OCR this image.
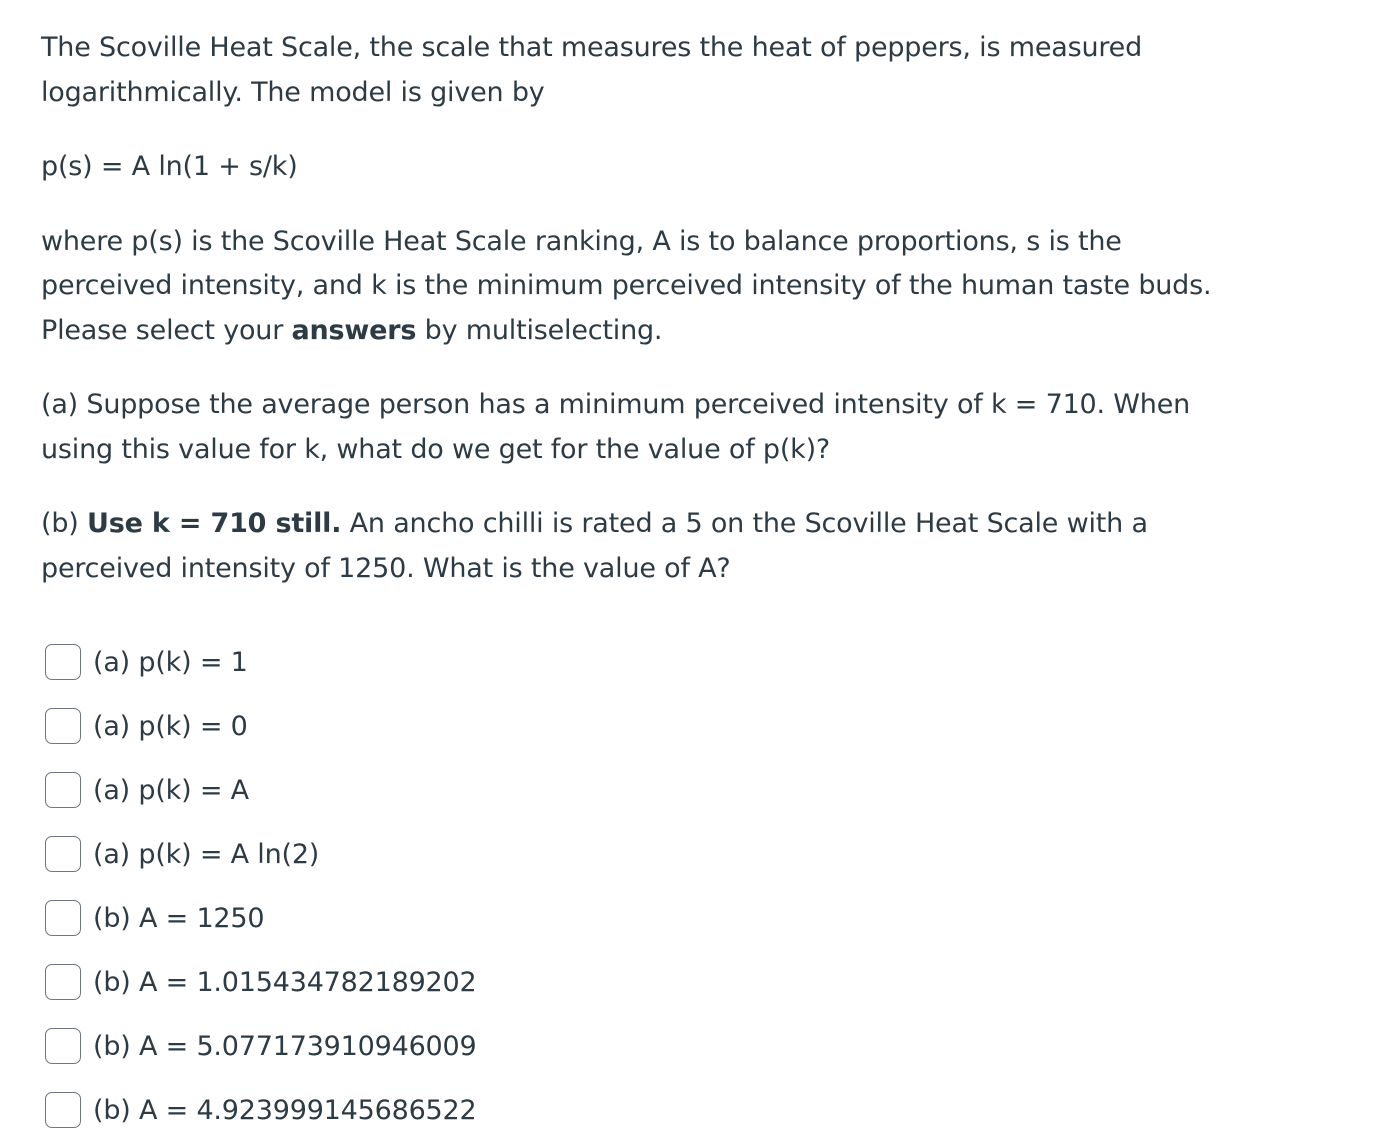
The Scoville Heat Scale, the scale that measures the heat of peppers, is measured logarithmically. The model is given by

p(s) = A ln(1 + s/k)

where p(s) is the Scoville Heat Scale ranking, A is to balance proportions, s is the perceived intensity, and k is the minimum perceived intensity of the human taste buds. Please select your answers by multiselecting.

(a) Suppose the average person has a minimum perceived intensity of k = 710. When using this value for k, what do we get for the value of p(k)?

(b) Use k = 710 still. An ancho chilli is rated a 5 on the Scoville Heat Scale with a perceived intensity of 1250. What is the value of A?

(a) p(k) = 1
(a) p(k) = 0
(a) p(k) = A
(a) p(k) = A ln(2)
(b) A = 1250
(b) A = 1.015434782189202
(b) A = 5.077173910946009
(b) A = 4.923999145686522
